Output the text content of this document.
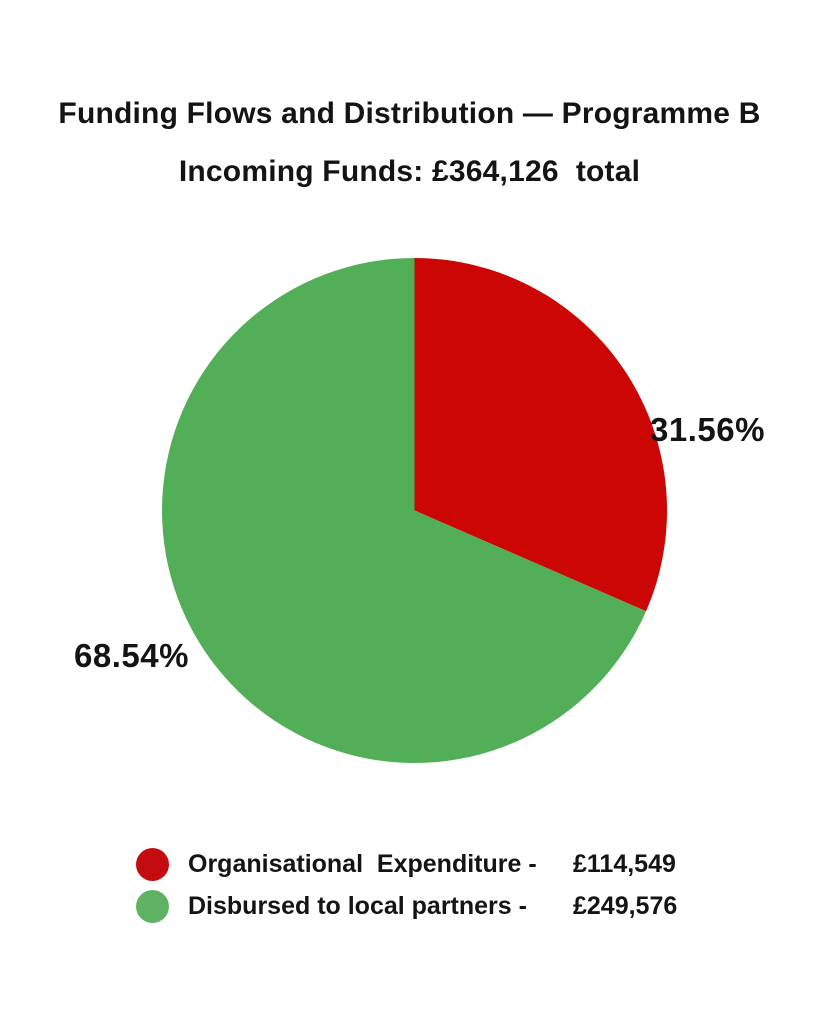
Funding Flows and Distribution — Programme B
Incoming Funds: £364,126  total
31.56%
68.54%
Organisational  Expenditure -	£114,549
Disbursed to local partners -	£249,576
